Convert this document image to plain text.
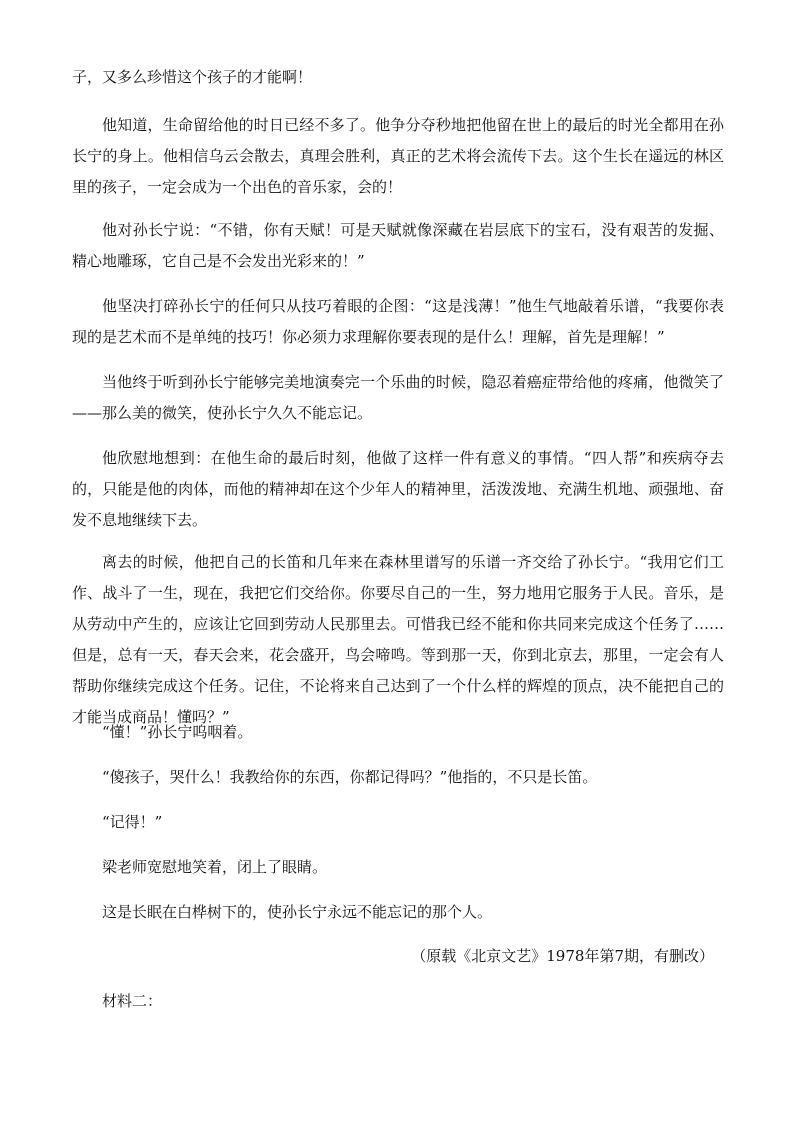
子，又多么珍惜这个孩子的才能啊！

他知道，生命留给他的时日已经不多了。他争分夺秒地把他留在世上的最后的时光全都用在孙长宁的身上。他相信乌云会散去，真理会胜利，真正的艺术将会流传下去。这个生长在遥远的林区里的孩子，一定会成为一个出色的音乐家，会的！

他对孙长宁说：“不错，你有天赋！可是天赋就像深藏在岩层底下的宝石，没有艰苦的发掘、精心地雕琢，它自己是不会发出光彩来的！”

他坚决打碎孙长宁的任何只从技巧着眼的企图：“这是浅薄！”他生气地敲着乐谱，“我要你表现的是艺术而不是单纯的技巧！你必须力求理解你要表现的是什么！理解，首先是理解！”

当他终于听到孙长宁能够完美地演奏完一个乐曲的时候，隐忍着癌症带给他的疼痛，他微笑了——那么美的微笑，使孙长宁久久不能忘记。

他欣慰地想到：在他生命的最后时刻，他做了这样一件有意义的事情。“四人帮”和疾病夺去的，只能是他的肉体，而他的精神却在这个少年人的精神里，活泼泼地、充满生机地、顽强地、奋发不息地继续下去。

离去的时候，他把自己的长笛和几年来在森林里谱写的乐谱一齐交给了孙长宁。“我用它们工作、战斗了一生，现在，我把它们交给你。你要尽自己的一生，努力地用它服务于人民。音乐，是从劳动中产生的，应该让它回到劳动人民那里去。可惜我已经不能和你共同来完成这个任务了……但是，总有一天，春天会来，花会盛开，鸟会啼鸣。等到那一天，你到北京去，那里，一定会有人帮助你继续完成这个任务。记住，不论将来自己达到了一个什么样的辉煌的顶点，决不能把自己的才能当成商品！懂吗？”

“懂！”孙长宁呜咽着。

“傻孩子，哭什么！我教给你的东西，你都记得吗？”他指的，不只是长笛。

“记得！”

梁老师宽慰地笑着，闭上了眼睛。

这是长眠在白桦树下的，使孙长宁永远不能忘记的那个人。

（原载《北京文艺》1978年第7期，有删改）

材料二：
